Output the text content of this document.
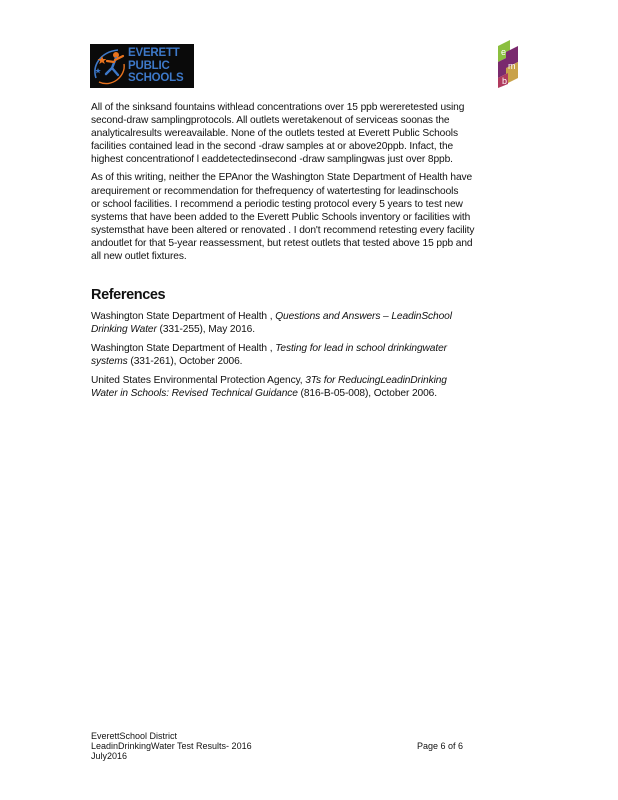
EVERETT
PUBLIC
SCHOOLS
e
m
b

All of the sinksand fountains withlead concentrations over 15 ppb wereretested using
second-draw samplingprotocols. All outlets weretakenout of serviceas soonas the
analyticalresults wereavailable. None of the outlets tested at Everett Public Schools
facilities contained lead in the second -draw samples at or above20ppb. Infact, the
highest concentrationof l eaddetectedinsecond -draw samplingwas just over 8ppb.

As of this writing, neither the EPAnor the Washington State Department of Health have
arequirement or recommendation for thefrequency of watertesting for leadinschools
or school facilities. I recommend a periodic testing protocol every 5 years to test new
systems that have been added to the Everett Public Schools inventory or facilities with
systemsthat have been altered or renovated . I don't recommend retesting every facility
andoutlet for that 5-year reassessment, but retest outlets that tested above 15 ppb and
all new outlet fixtures.

References

Washington State Department of Health , Questions and Answers – LeadinSchool
Drinking Water (331-255), May 2016.

Washington State Department of Health , Testing for lead in school drinkingwater
systems (331-261), October 2006.

United States Environmental Protection Agency, 3Ts for ReducingLeadinDrinking
Water in Schools: Revised Technical Guidance (816-B-05-008), October 2006.

EverettSchool District
LeadinDrinkingWater Test Results- 2016
July2016
Page 6 of 6
